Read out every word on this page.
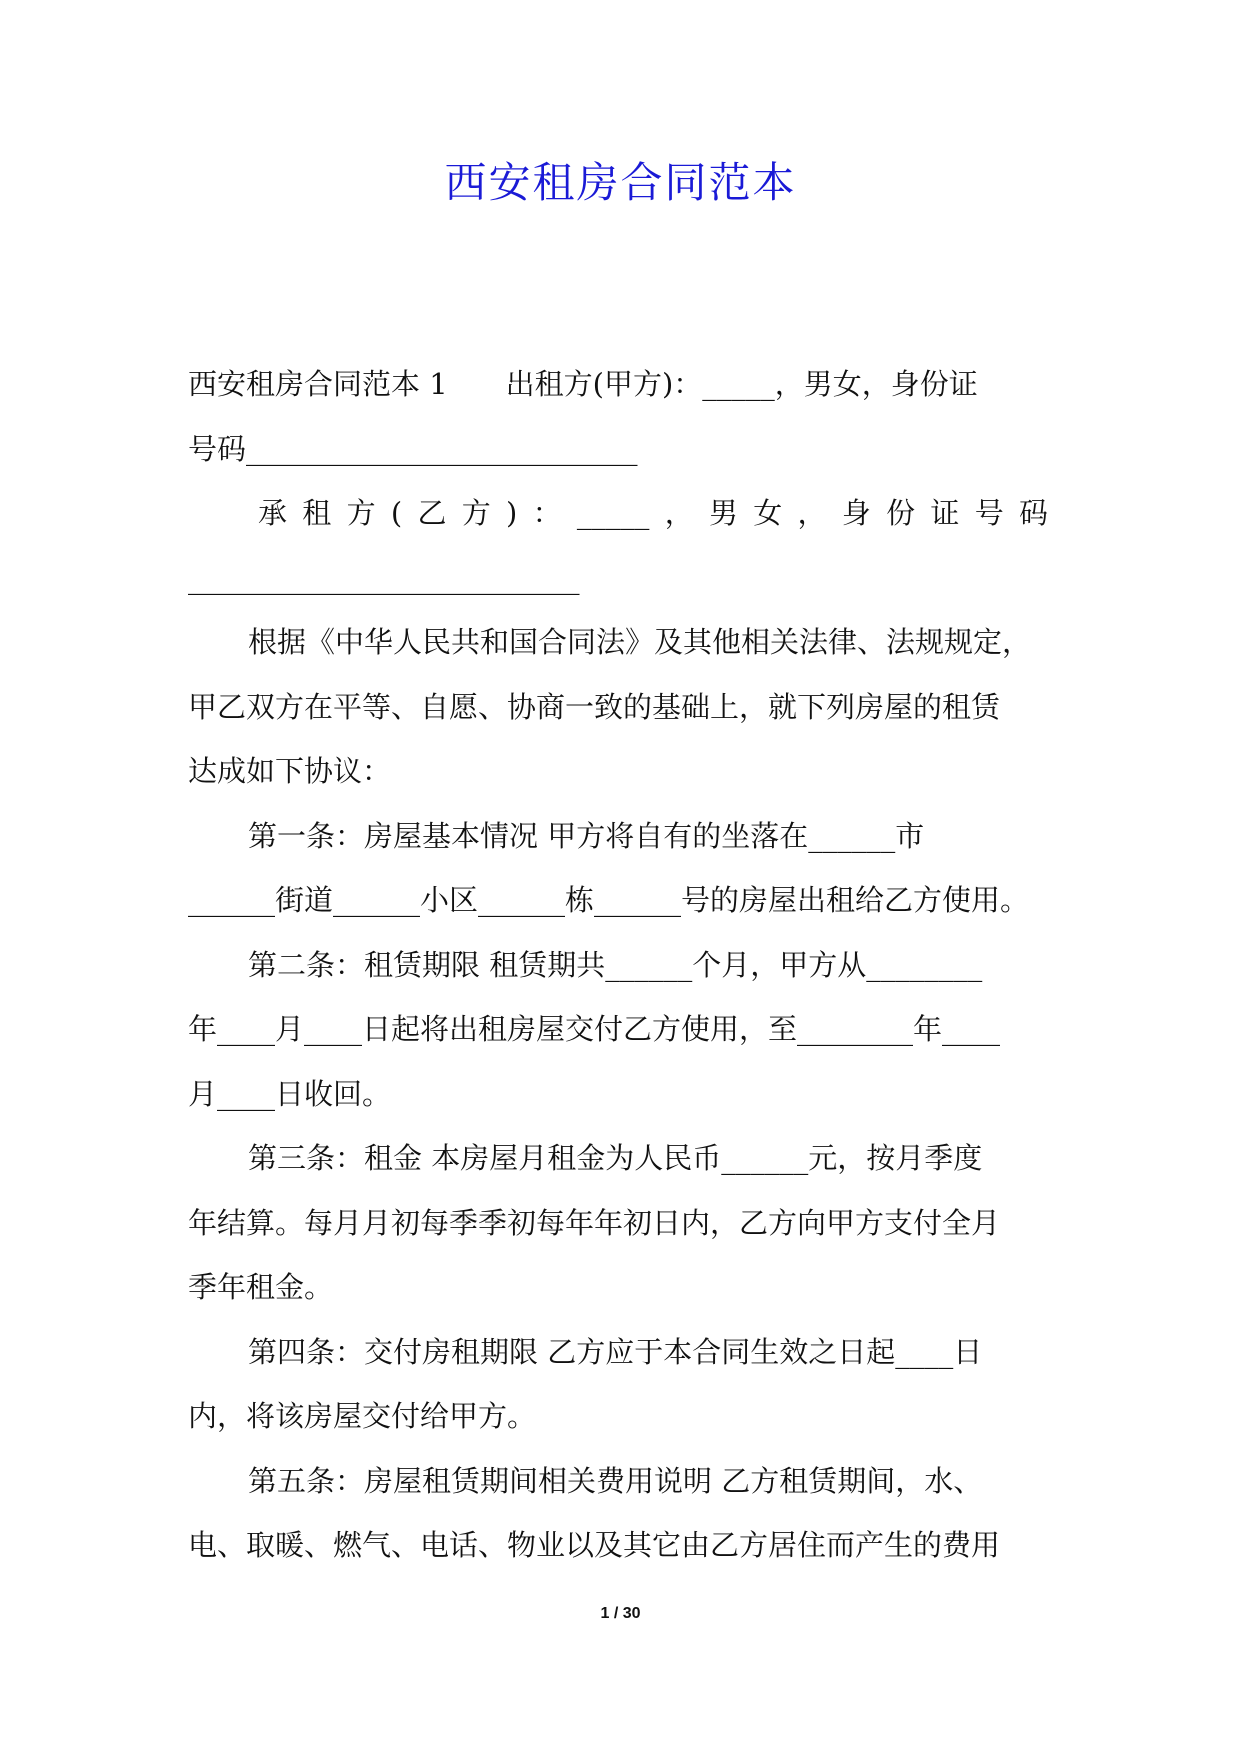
西安租房合同范本
西安租房合同范本 1　　出租方(甲方)：_____，男女，身份证
号码___________________________
承租方(乙方)：_____，男女，身份证号码
___________________________
根据《中华人民共和国合同法》及其他相关法律、法规规定，
甲乙双方在平等、自愿、协商一致的基础上，就下列房屋的租赁
达成如下协议：
第一条：房屋基本情况 甲方将自有的坐落在______市
______街道______小区______栋______号的房屋出租给乙方使用。
第二条：租赁期限 租赁期共______个月，甲方从________
年____月____日起将出租房屋交付乙方使用，至________年____
月____日收回。
第三条：租金 本房屋月租金为人民币______元，按月季度
年结算。每月月初每季季初每年年初日内，乙方向甲方支付全月
季年租金。
第四条：交付房租期限 乙方应于本合同生效之日起____日
内，将该房屋交付给甲方。
第五条：房屋租赁期间相关费用说明 乙方租赁期间，水、
电、取暖、燃气、电话、物业以及其它由乙方居住而产生的费用
1 / 30
